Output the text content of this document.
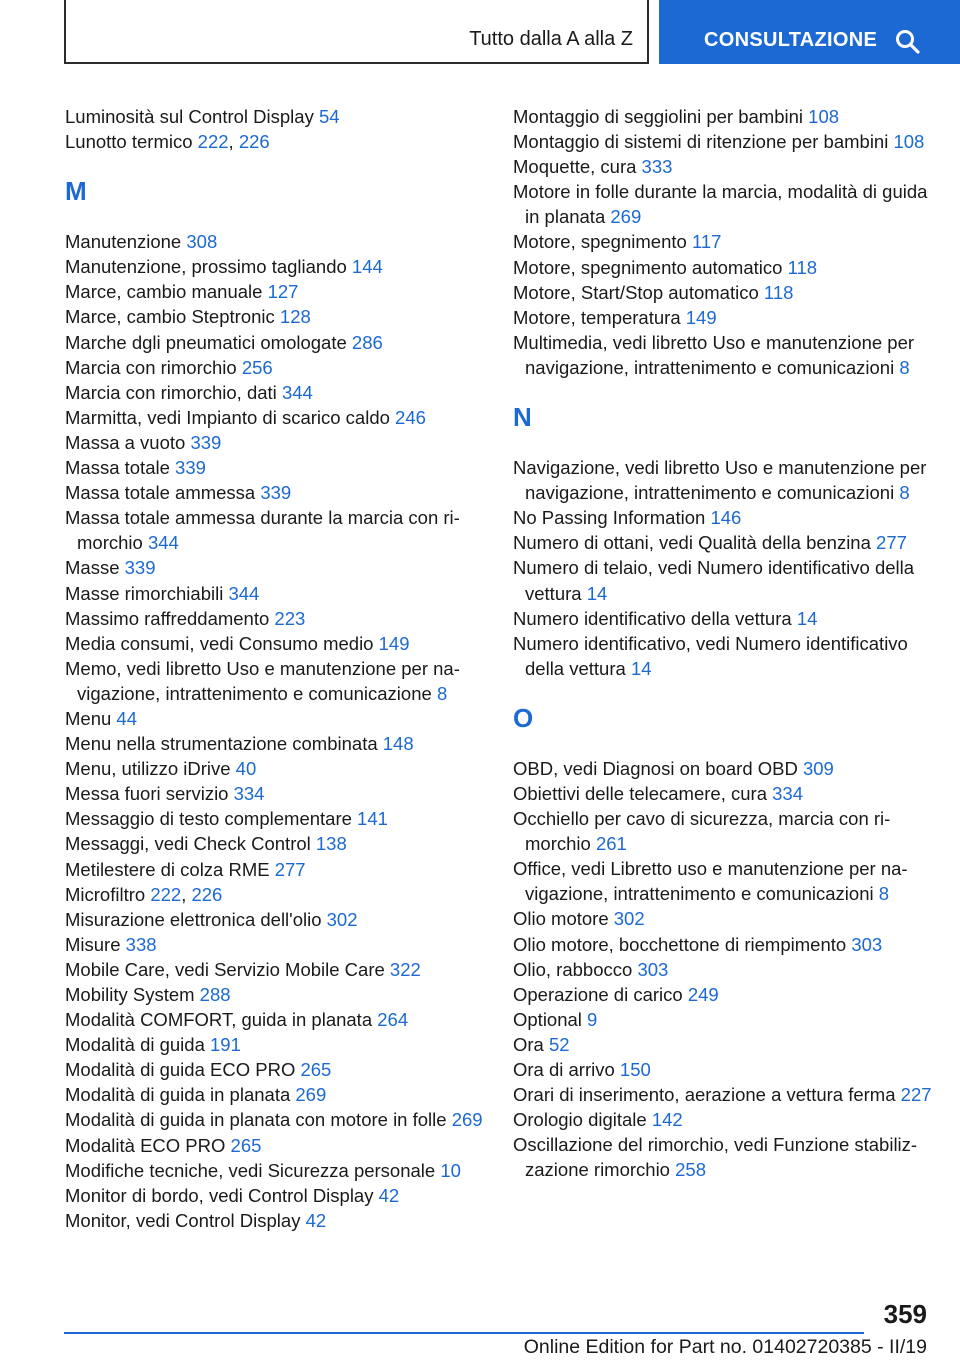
Tutto dalla A alla Z	CONSULTAZIONE
Luminosità sul Control Display 54
Lunotto termico 222, 226
M
Manutenzione 308
Manutenzione, prossimo tagliando 144
Marce, cambio manuale 127
Marce, cambio Steptronic 128
Marche dgli pneumatici omologate 286
Marcia con rimorchio 256
Marcia con rimorchio, dati 344
Marmitta, vedi Impianto di scarico caldo 246
Massa a vuoto 339
Massa totale 339
Massa totale ammessa 339
Massa totale ammessa durante la marcia con rimorchio 344
Masse 339
Masse rimorchiabili 344
Massimo raffreddamento 223
Media consumi, vedi Consumo medio 149
Memo, vedi libretto Uso e manutenzione per navigazione, intrattenimento e comunicazione 8
Menu 44
Menu nella strumentazione combinata 148
Menu, utilizzo iDrive 40
Messa fuori servizio 334
Messaggio di testo complementare 141
Messaggi, vedi Check Control 138
Metilestere di colza RME 277
Microfiltro 222, 226
Misurazione elettronica dell'olio 302
Misure 338
Mobile Care, vedi Servizio Mobile Care 322
Mobility System 288
Modalità COMFORT, guida in planata 264
Modalità di guida 191
Modalità di guida ECO PRO 265
Modalità di guida in planata 269
Modalità di guida in planata con motore in folle 269
Modalità ECO PRO 265
Modifiche tecniche, vedi Sicurezza personale 10
Monitor di bordo, vedi Control Display 42
Monitor, vedi Control Display 42
Montaggio di seggiolini per bambini 108
Montaggio di sistemi di ritenzione per bambini 108
Moquette, cura 333
Motore in folle durante la marcia, modalità di guida in planata 269
Motore, spegnimento 117
Motore, spegnimento automatico 118
Motore, Start/Stop automatico 118
Motore, temperatura 149
Multimedia, vedi libretto Uso e manutenzione per navigazione, intrattenimento e comunicazioni 8
N
Navigazione, vedi libretto Uso e manutenzione per navigazione, intrattenimento e comunicazioni 8
No Passing Information 146
Numero di ottani, vedi Qualità della benzina 277
Numero di telaio, vedi Numero identificativo della vettura 14
Numero identificativo della vettura 14
Numero identificativo, vedi Numero identificativo della vettura 14
O
OBD, vedi Diagnosi on board OBD 309
Obiettivi delle telecamere, cura 334
Occhiello per cavo di sicurezza, marcia con rimorchio 261
Office, vedi Libretto uso e manutenzione per navigazione, intrattenimento e comunicazioni 8
Olio motore 302
Olio motore, bocchettone di riempimento 303
Olio, rabbocco 303
Operazione di carico 249
Optional 9
Ora 52
Ora di arrivo 150
Orari di inserimento, aerazione a vettura ferma 227
Orologio digitale 142
Oscillazione del rimorchio, vedi Funzione stabilizzazione rimorchio 258
359
Online Edition for Part no. 01402720385 - II/19
